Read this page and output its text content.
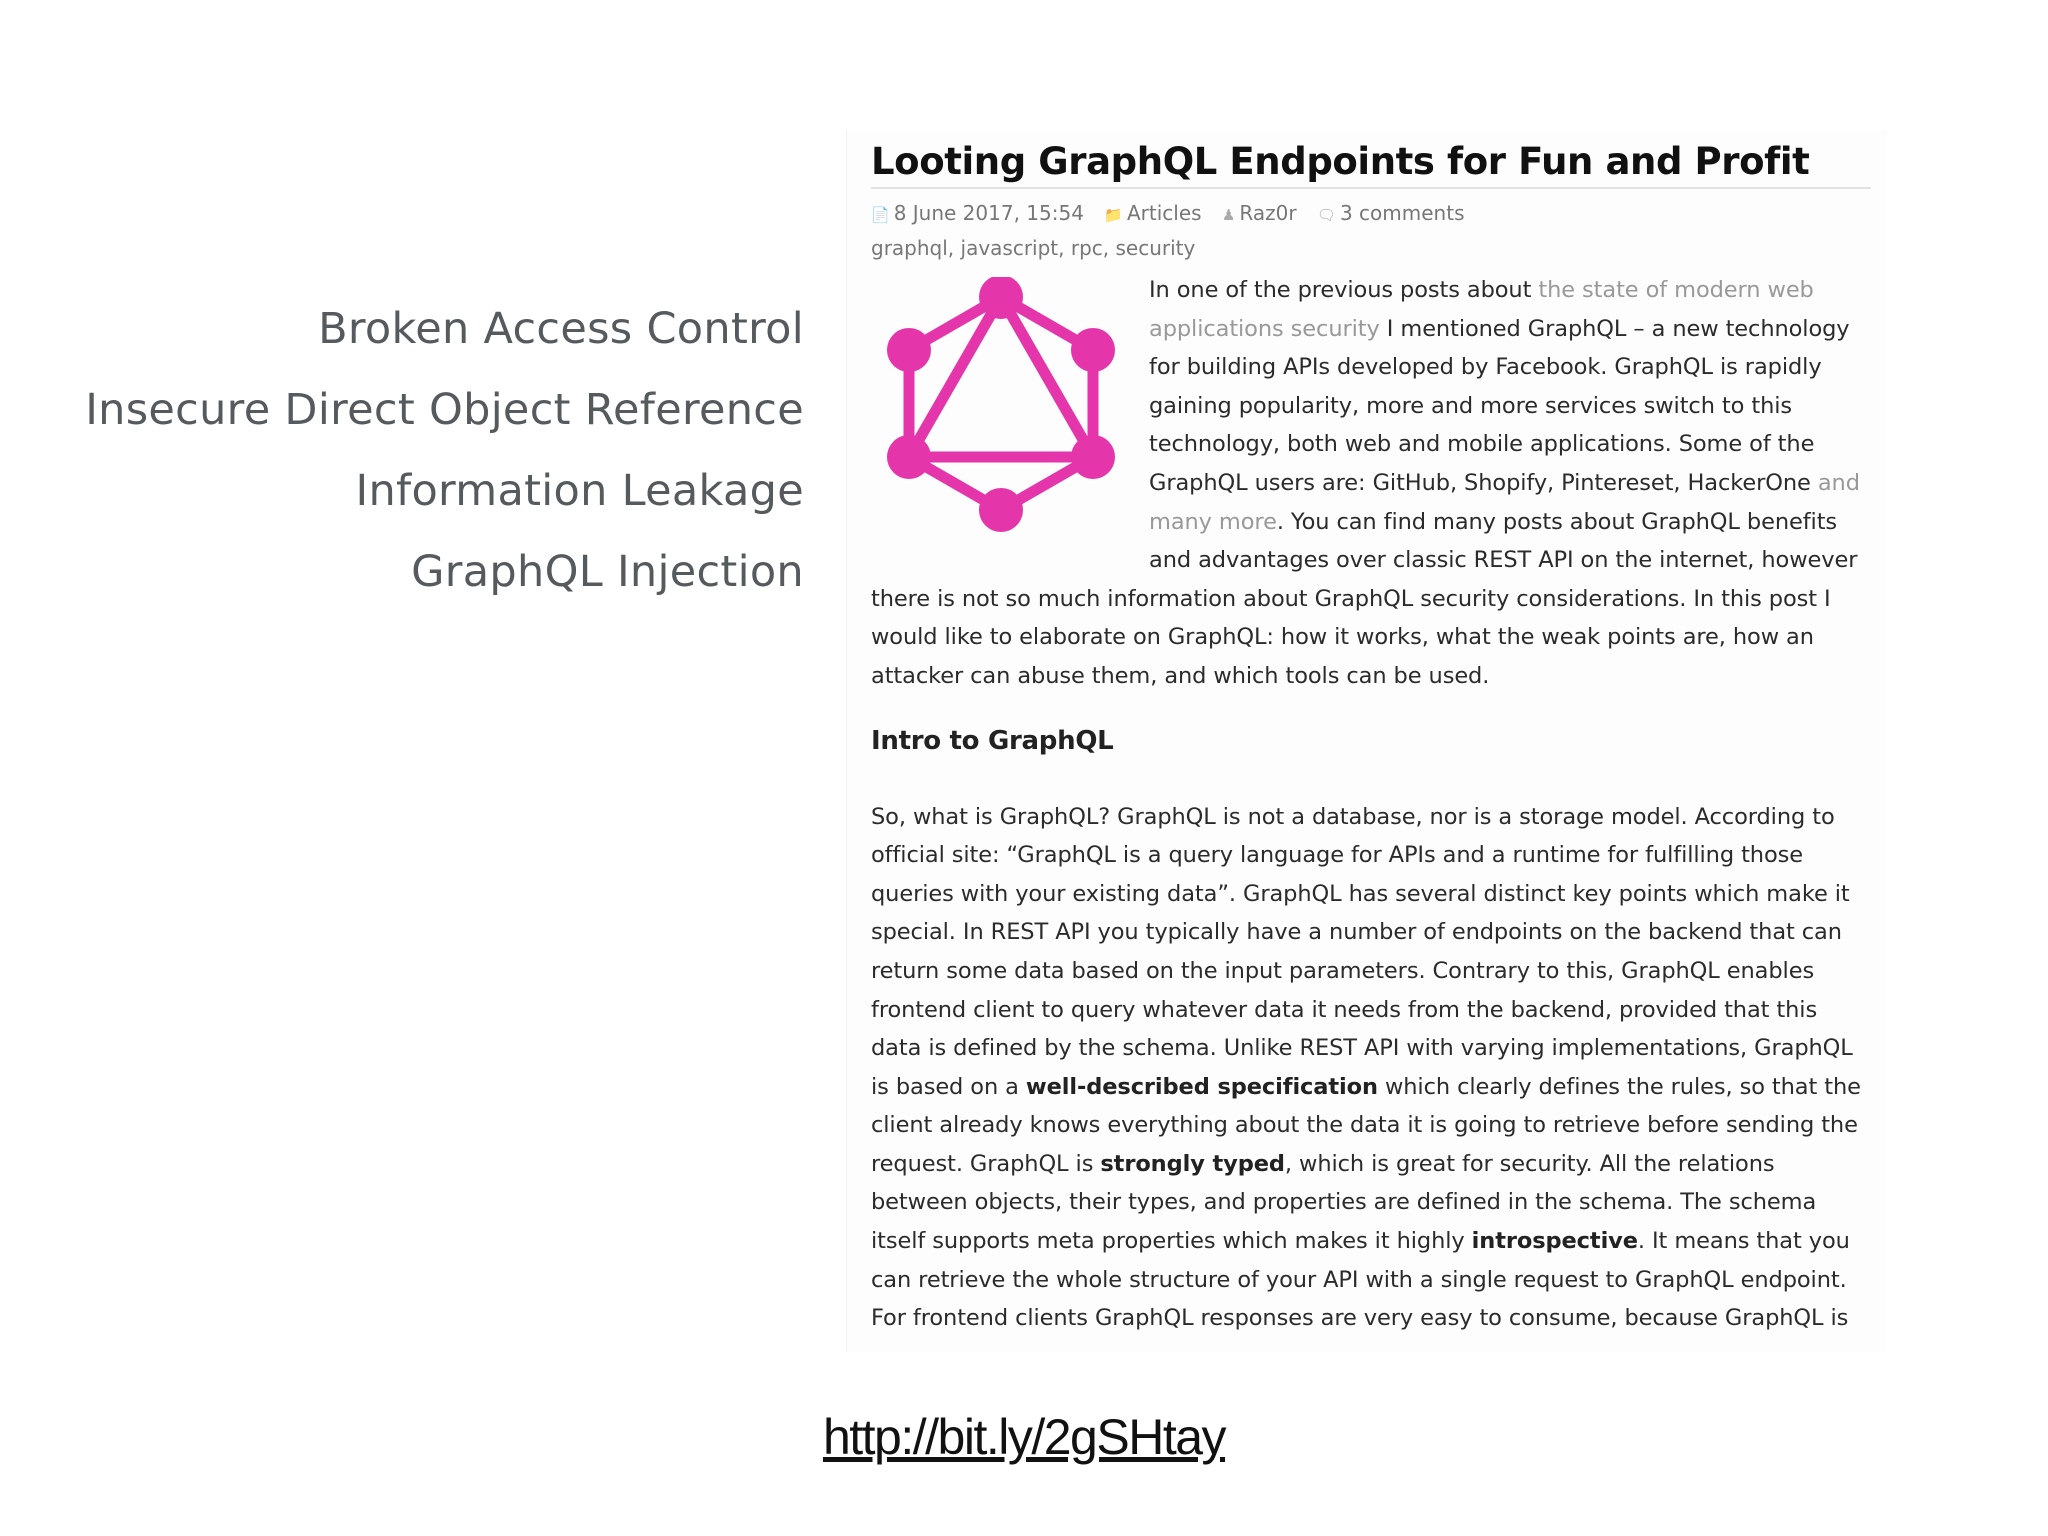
Broken Access Control
Insecure Direct Object Reference
Information Leakage
GraphQL Injection
Looting GraphQL Endpoints for Fun and Profit
📄 8 June 2017, 15:54 📁 Articles ♟ Raz0r 🗨 3 comments
graphql, javascript, rpc, security
In one of the previous posts about the state of modern web applications security I mentioned GraphQL – a new technology for building APIs developed by Facebook. GraphQL is rapidly gaining popularity, more and more services switch to this technology, both web and mobile applications. Some of the GraphQL users are: GitHub, Shopify, Pintereset, HackerOne and many more. You can find many posts about GraphQL benefits and advantages over classic REST API on the internet, however there is not so much information about GraphQL security considerations. In this post I would like to elaborate on GraphQL: how it works, what the weak points are, how an attacker can abuse them, and which tools can be used.
Intro to GraphQL
So, what is GraphQL? GraphQL is not a database, nor is a storage model. According to official site: “GraphQL is a query language for APIs and a runtime for fulfilling those queries with your existing data”. GraphQL has several distinct key points which make it special. In REST API you typically have a number of endpoints on the backend that can return some data based on the input parameters. Contrary to this, GraphQL enables frontend client to query whatever data it needs from the backend, provided that this data is defined by the schema. Unlike REST API with varying implementations, GraphQL is based on a well-described specification which clearly defines the rules, so that the client already knows everything about the data it is going to retrieve before sending the request. GraphQL is strongly typed, which is great for security. All the relations between objects, their types, and properties are defined in the schema. The schema itself supports meta properties which makes it highly introspective. It means that you can retrieve the whole structure of your API with a single request to GraphQL endpoint. For frontend clients GraphQL responses are very easy to consume, because GraphQL is
http://bit.ly/2gSHtay
